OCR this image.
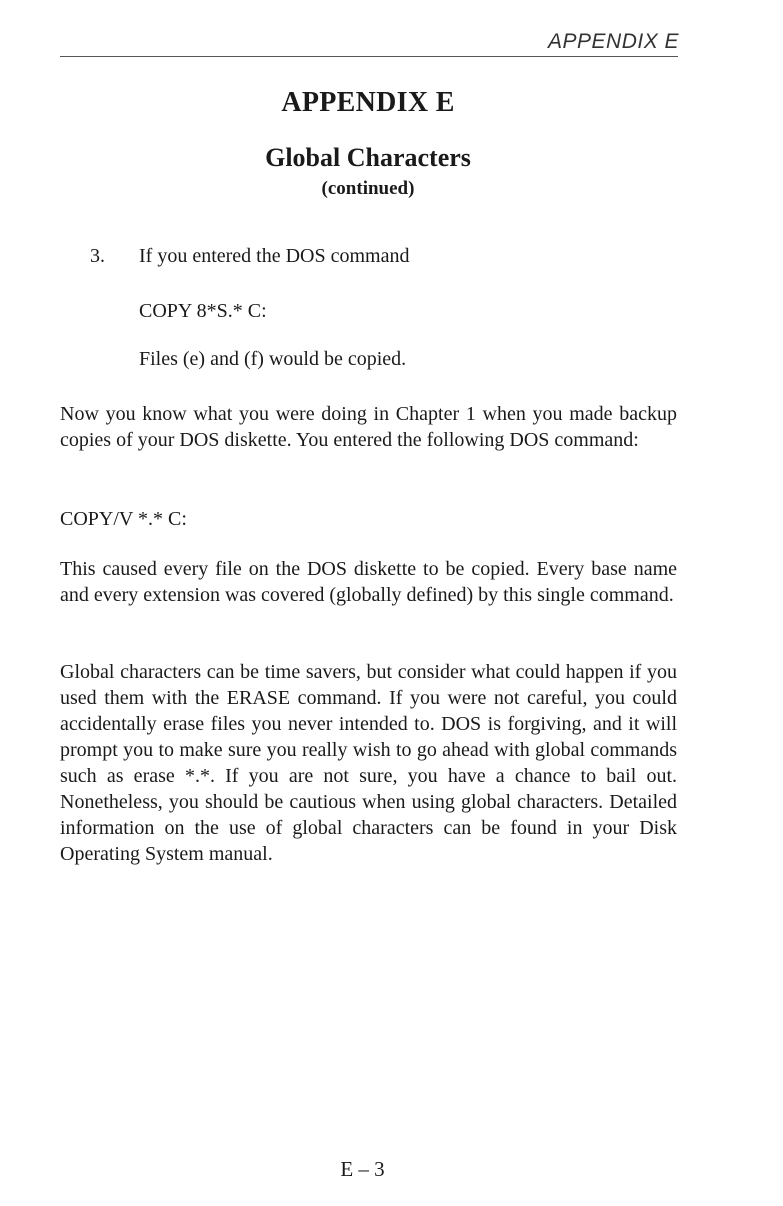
APPENDIX E
APPENDIX E
Global Characters
(continued)
3. If you entered the DOS command
COPY 8*S.* C:
Files (e) and (f) would be copied.
Now you know what you were doing in Chapter 1 when you made backup copies of your DOS diskette. You entered the following DOS command:
COPY/V *.* C:
This caused every file on the DOS diskette to be copied. Every base name and every extension was covered (globally defined) by this single command.
Global characters can be time savers, but consider what could happen if you used them with the ERASE command. If you were not careful, you could accidentally erase files you never intended to. DOS is forgiving, and it will prompt you to make sure you really wish to go ahead with global commands such as erase *.*. If you are not sure, you have a chance to bail out. Nonetheless, you should be cautious when using global characters. Detailed information on the use of global characters can be found in your Disk Operating System manual.
E – 3
